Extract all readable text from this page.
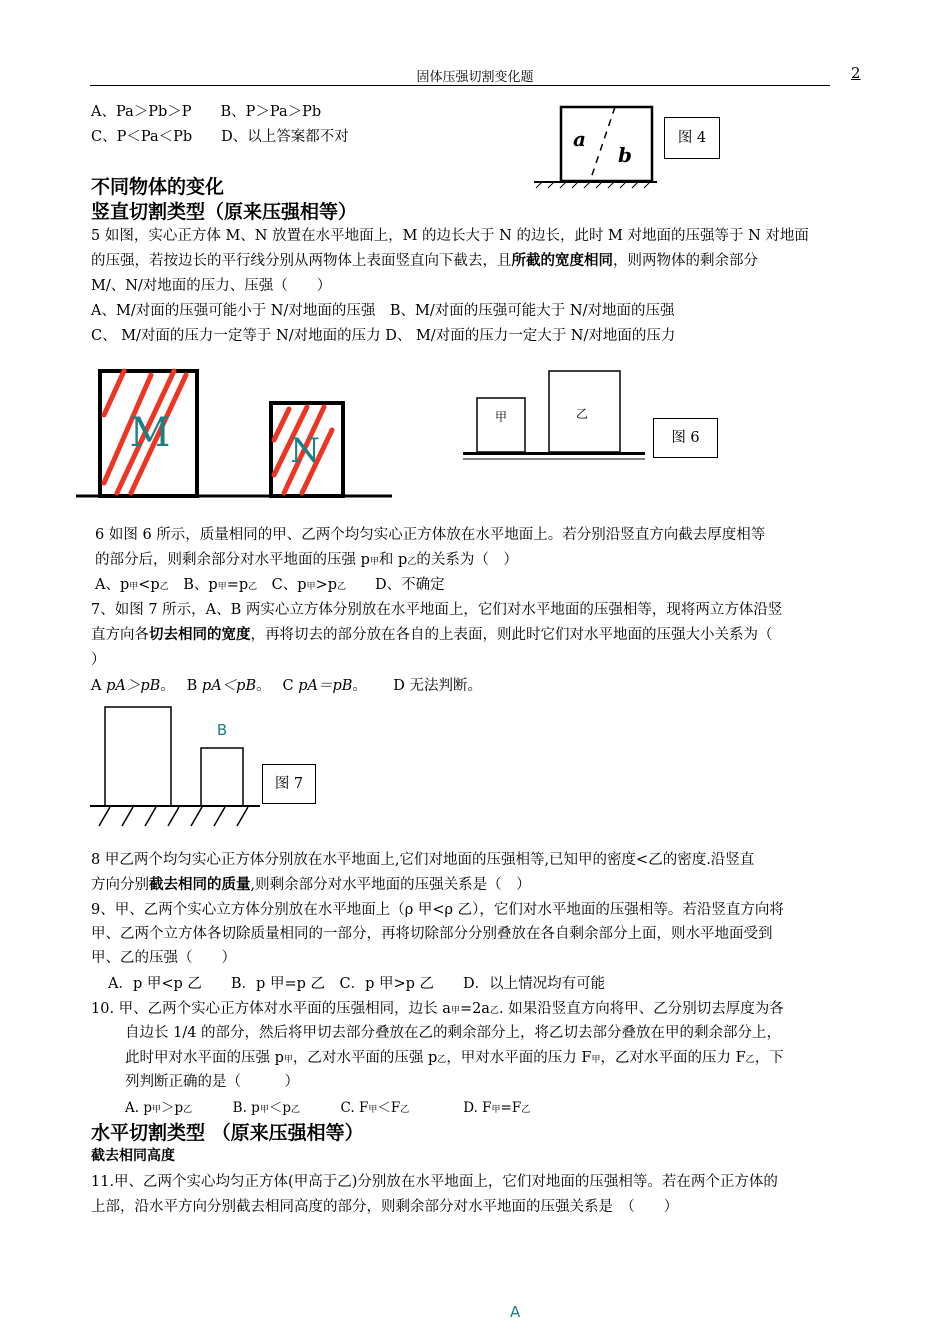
固体压强切割变化题	2
A、Pa＞Pb＞P　　B、P＞Pa＞Pb
C、P＜Pa＜Pb　　D、以上答案都不对	a
b
图 4
不同物体的变化
竖直切割类型（原来压强相等）
5 如图，实心正方体 M、N 放置在水平地面上，M 的边长大于 N 的边长，此时 M 对地面的压强等于 N 对地面
的压强，若按边长的平行线分别从两物体上表面竖直向下截去，且所截的宽度相同，则两物体的剩余部分
M/、N/对地面的压力、压强（　　）
A、M/对面的压强可能小于 N/对地面的压强　B、M/对面的压强可能大于 N/对地面的压强
C、 M/对面的压力一定等于 N/对地面的压力 D、 M/对面的压力一定大于 N/对地面的压力
M	N
甲	乙
图 6
6 如图 6 所示，质量相同的甲、乙两个均匀实心正方体放在水平地面上。若分别沿竖直方向截去厚度相等
的部分后，则剩余部分对水平地面的压强 p甲和 p乙的关系为（　）
A、p甲<p乙　B、p甲=p乙　C、p甲>p乙　　D、不确定
7、如图 7 所示，A、B 两实心立方体分别放在水平地面上，它们对水平地面的压强相等，现将两立方体沿竖
直方向各切去相同的宽度，再将切去的部分放在各自的上表面，则此时它们对水平地面的压强大小关系为（
）
A pA＞pB。　 B pA＜pB。　 C pA＝pB。　　 D 无法判断。
B
图 7
8 甲乙两个均匀实心正方体分别放在水平地面上,它们对地面的压强相等,已知甲的密度<乙的密度.沿竖直
方向分别截去相同的质量,则剩余部分对水平地面的压强关系是（　）
9、甲、乙两个实心立方体分别放在水平地面上（ρ 甲<ρ 乙），它们对水平地面的压强相等。若沿竖直方向将
甲、乙两个立方体各切除质量相同的一部分，再将切除部分分别叠放在各自剩余部分上面，则水平地面受到
甲、乙的压强（　　）
A．p 甲<p 乙　　B．p 甲=p 乙　C．p 甲>p 乙　　D．以上情况均有可能
10. 甲、乙两个实心正方体对水平面的压强相同，边长 a甲=2a乙. 如果沿竖直方向将甲、乙分别切去厚度为各
自边长 1/4 的部分，然后将甲切去部分叠放在乙的剩余部分上，将乙切去部分叠放在甲的剩余部分上，
此时甲对水平面的压强 p甲，乙对水平面的压强 p乙，甲对水平面的压力 F甲，乙对水平面的压力 F乙，下
列判断正确的是（　　　）
A. p甲＞p乙　　　B. p甲＜p乙　　　C. F甲＜F乙　　　　D. F甲=F乙
水平切割类型 （原来压强相等）
截去相同高度
11.甲、乙两个实心均匀正方体(甲高于乙)分别放在水平地面上，它们对地面的压强相等。若在两个正方体的
上部，沿水平方向分别截去相同高度的部分，则剩余部分对水平地面的压强关系是　（　　）
A
